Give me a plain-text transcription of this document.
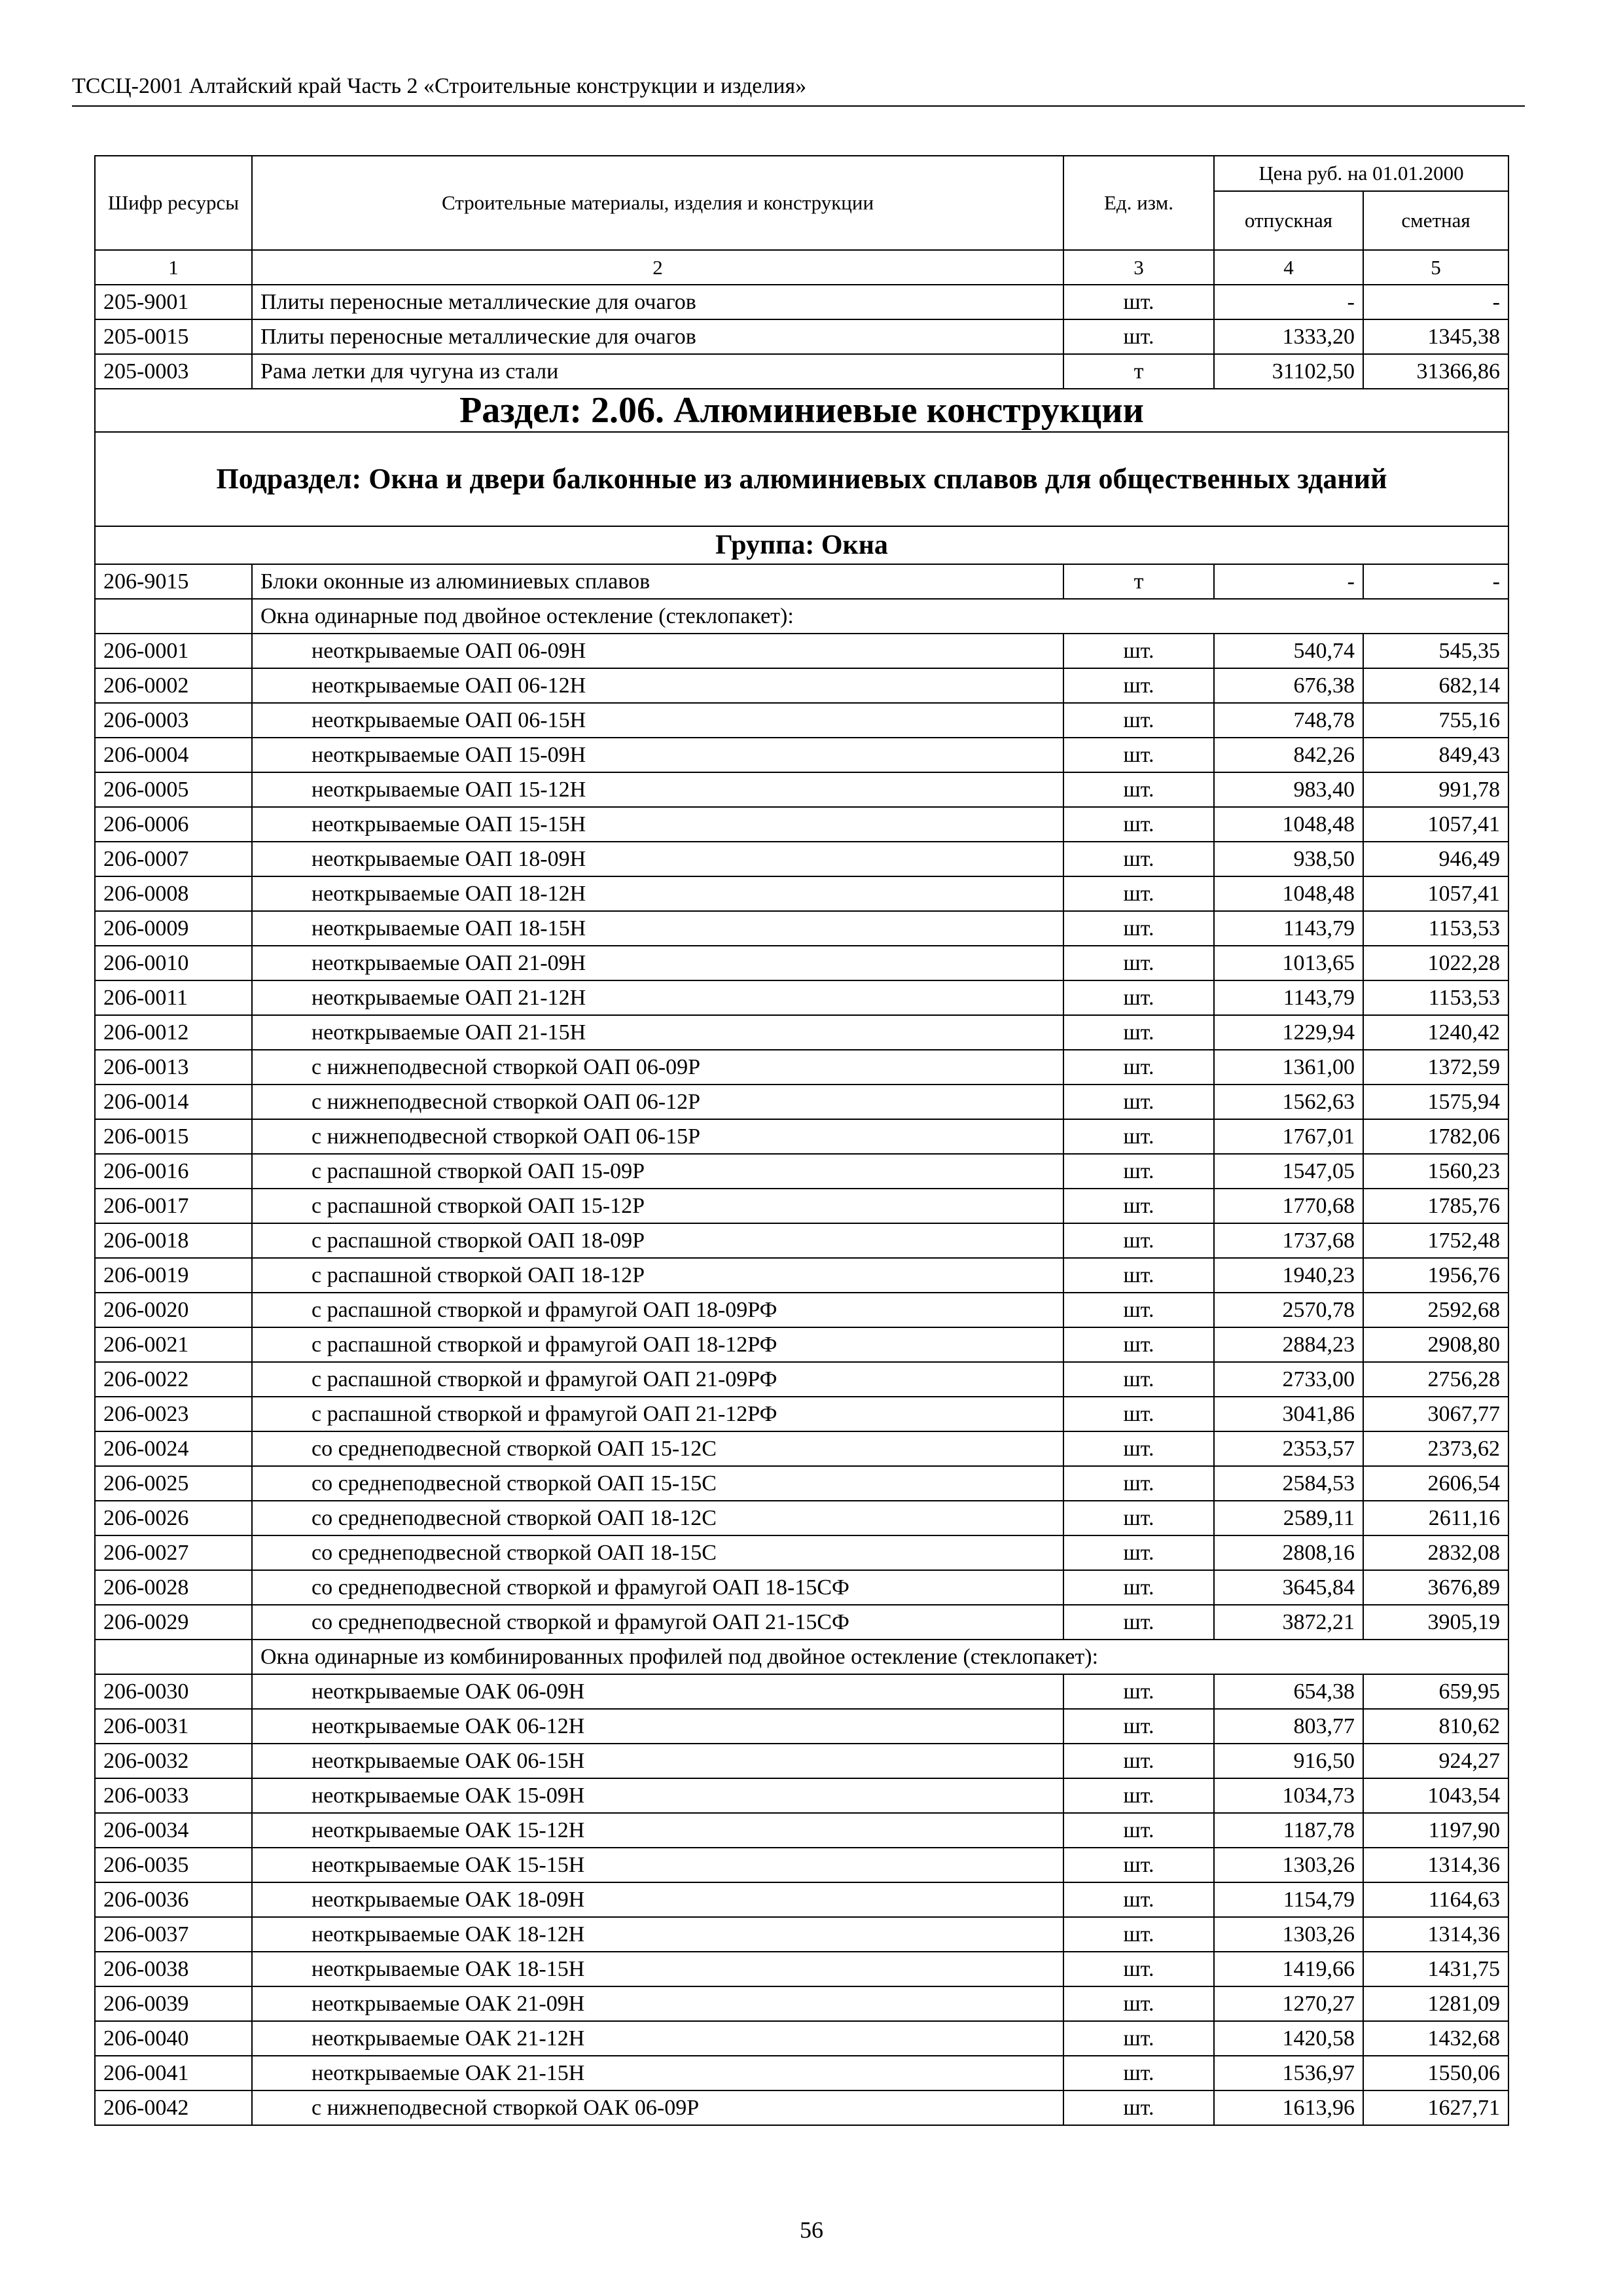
ТССЦ-2001 Алтайский край Часть 2 «Строительные конструкции и изделия»
Шифр ресурсы	Строительные материалы, изделия и конструкции	Ед. изм.	Цена руб. на 01.01.2000	
			отпускная	сметная
1	2	3	4	5
205-9001	Плиты переносные металлические для очагов	шт.	-	-
205-0015	Плиты переносные металлические для очагов	шт.	1333,20	1345,38
205-0003	Рама летки для чугуна из стали	т	31102,50	31366,86
Раздел: 2.06. Алюминиевые конструкции				
Подраздел: Окна и двери балконные из алюминиевых сплавов для общественных зданий				
Группа: Окна				
206-9015	Блоки оконные из алюминиевых сплавов	т	-	-
	Окна одинарные под двойное остекление (стеклопакет):			
206-0001	неоткрываемые ОАП 06-09Н	шт.	540,74	545,35
206-0002	неоткрываемые ОАП 06-12Н	шт.	676,38	682,14
206-0003	неоткрываемые ОАП 06-15Н	шт.	748,78	755,16
206-0004	неоткрываемые ОАП 15-09Н	шт.	842,26	849,43
206-0005	неоткрываемые ОАП 15-12Н	шт.	983,40	991,78
206-0006	неоткрываемые ОАП 15-15Н	шт.	1048,48	1057,41
206-0007	неоткрываемые ОАП 18-09Н	шт.	938,50	946,49
206-0008	неоткрываемые ОАП 18-12Н	шт.	1048,48	1057,41
206-0009	неоткрываемые ОАП 18-15Н	шт.	1143,79	1153,53
206-0010	неоткрываемые ОАП 21-09Н	шт.	1013,65	1022,28
206-0011	неоткрываемые ОАП 21-12Н	шт.	1143,79	1153,53
206-0012	неоткрываемые ОАП 21-15Н	шт.	1229,94	1240,42
206-0013	с нижнеподвесной створкой ОАП 06-09Р	шт.	1361,00	1372,59
206-0014	с нижнеподвесной створкой ОАП 06-12Р	шт.	1562,63	1575,94
206-0015	с нижнеподвесной створкой ОАП 06-15Р	шт.	1767,01	1782,06
206-0016	с распашной створкой ОАП 15-09Р	шт.	1547,05	1560,23
206-0017	с распашной створкой ОАП 15-12Р	шт.	1770,68	1785,76
206-0018	с распашной створкой ОАП 18-09Р	шт.	1737,68	1752,48
206-0019	с распашной створкой ОАП 18-12Р	шт.	1940,23	1956,76
206-0020	с распашной створкой и фрамугой ОАП 18-09РФ	шт.	2570,78	2592,68
206-0021	с распашной створкой и фрамугой ОАП 18-12РФ	шт.	2884,23	2908,80
206-0022	с распашной створкой и фрамугой ОАП 21-09РФ	шт.	2733,00	2756,28
206-0023	с распашной створкой и фрамугой ОАП 21-12РФ	шт.	3041,86	3067,77
206-0024	со среднеподвесной створкой ОАП 15-12С	шт.	2353,57	2373,62
206-0025	со среднеподвесной створкой ОАП 15-15С	шт.	2584,53	2606,54
206-0026	со среднеподвесной створкой ОАП 18-12С	шт.	2589,11	2611,16
206-0027	со среднеподвесной створкой ОАП 18-15С	шт.	2808,16	2832,08
206-0028	со среднеподвесной створкой и фрамугой ОАП 18-15СФ	шт.	3645,84	3676,89
206-0029	со среднеподвесной створкой и фрамугой ОАП 21-15СФ	шт.	3872,21	3905,19
	Окна одинарные из комбинированных профилей под двойное остекление (стеклопакет):			
206-0030	неоткрываемые ОАК 06-09Н	шт.	654,38	659,95
206-0031	неоткрываемые ОАК 06-12Н	шт.	803,77	810,62
206-0032	неоткрываемые ОАК 06-15Н	шт.	916,50	924,27
206-0033	неоткрываемые ОАК 15-09Н	шт.	1034,73	1043,54
206-0034	неоткрываемые ОАК 15-12Н	шт.	1187,78	1197,90
206-0035	неоткрываемые ОАК 15-15Н	шт.	1303,26	1314,36
206-0036	неоткрываемые ОАК 18-09Н	шт.	1154,79	1164,63
206-0037	неоткрываемые ОАК 18-12Н	шт.	1303,26	1314,36
206-0038	неоткрываемые ОАК 18-15Н	шт.	1419,66	1431,75
206-0039	неоткрываемые ОАК 21-09Н	шт.	1270,27	1281,09
206-0040	неоткрываемые ОАК 21-12Н	шт.	1420,58	1432,68
206-0041	неоткрываемые ОАК 21-15Н	шт.	1536,97	1550,06
206-0042	с нижнеподвесной створкой ОАК 06-09Р	шт.	1613,96	1627,71
56
